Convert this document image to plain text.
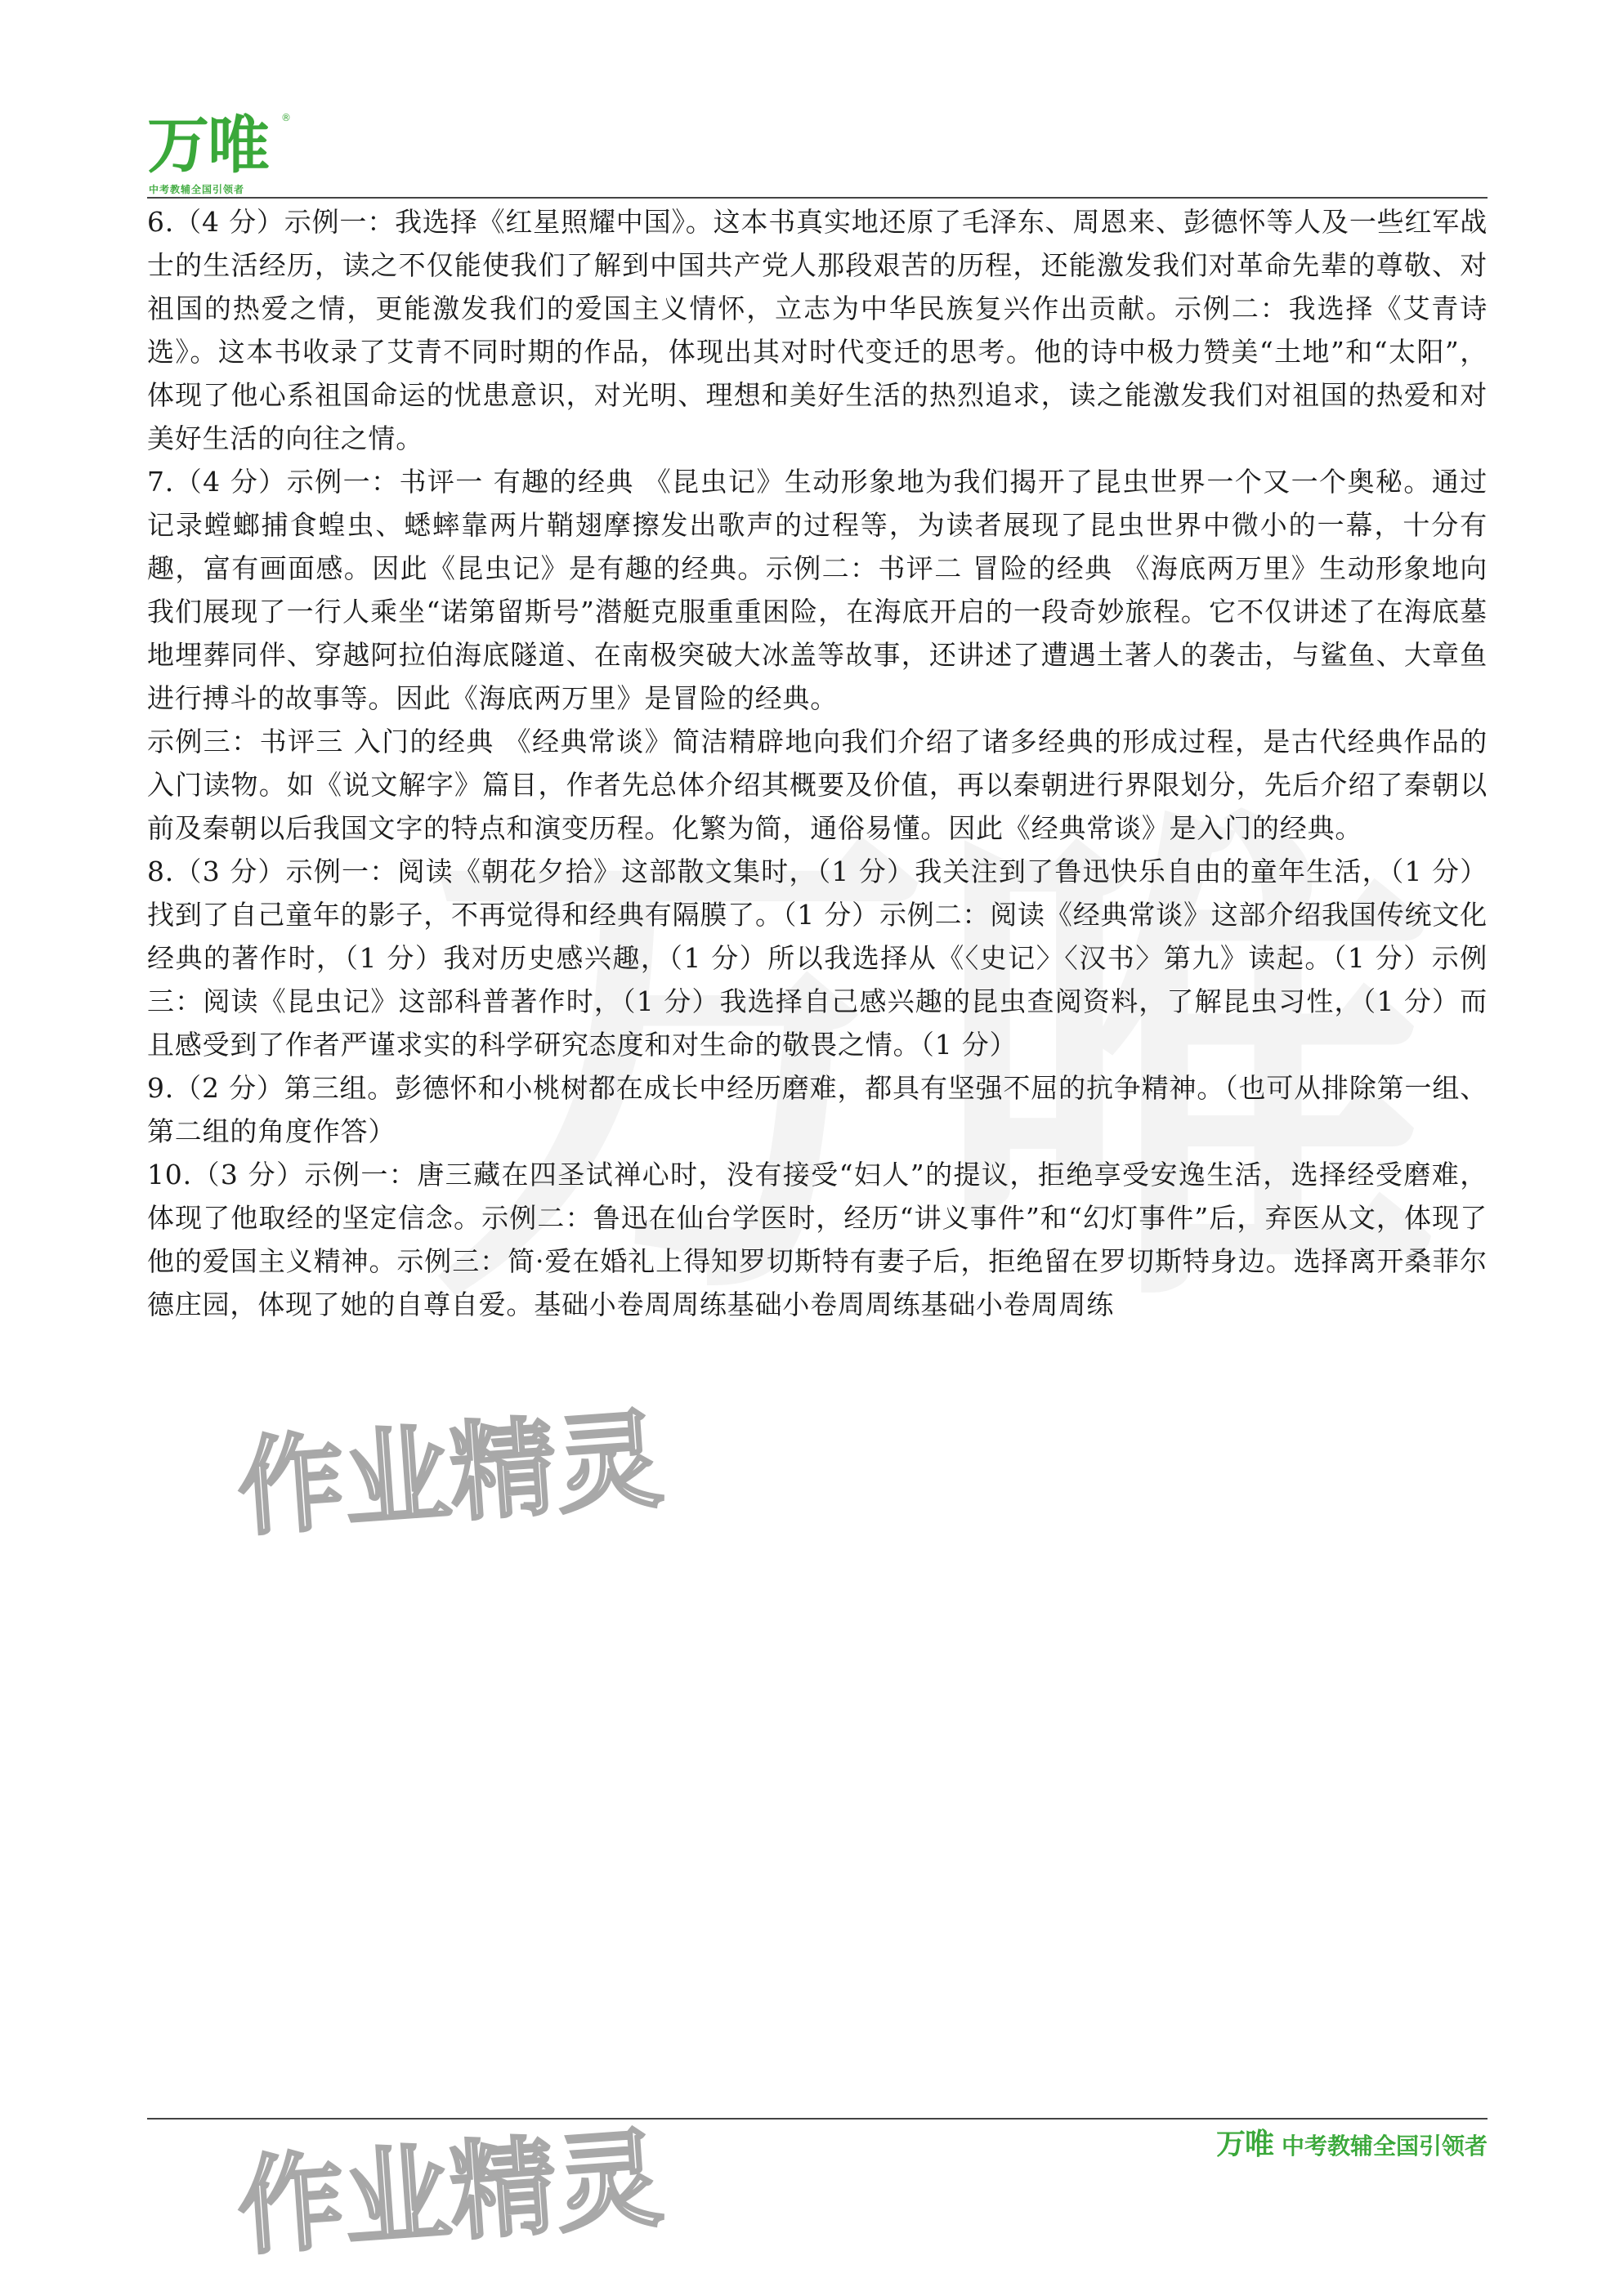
万唯 ®
中考教辅全国引领者

6.（4 分）示例一：我选择《红星照耀中国》。这本书真实地还原了毛泽东、周恩来、彭德怀等人及一些红军战士的生活经历，读之不仅能使我们了解到中国共产党人那段艰苦的历程，还能激发我们对革命先辈的尊敬、对祖国的热爱之情，更能激发我们的爱国主义情怀，立志为中华民族复兴作出贡献。示例二：我选择《艾青诗选》。这本书收录了艾青不同时期的作品，体现出其对时代变迁的思考。他的诗中极力赞美“土地”和“太阳”，体现了他心系祖国命运的忧患意识，对光明、理想和美好生活的热烈追求，读之能激发我们对祖国的热爱和对美好生活的向往之情。

7.（4 分）示例一：书评一 有趣的经典 《昆虫记》生动形象地为我们揭开了昆虫世界一个又一个奥秘。通过记录螳螂捕食蝗虫、蟋蟀靠两片鞘翅摩擦发出歌声的过程等，为读者展现了昆虫世界中微小的一幕，十分有趣，富有画面感。因此《昆虫记》是有趣的经典。示例二：书评二 冒险的经典 《海底两万里》生动形象地向我们展现了一行人乘坐“诺第留斯号”潜艇克服重重困险，在海底开启的一段奇妙旅程。它不仅讲述了在海底墓地埋葬同伴、穿越阿拉伯海底隧道、在南极突破大冰盖等故事，还讲述了遭遇土著人的袭击，与鲨鱼、大章鱼进行搏斗的故事等。因此《海底两万里》是冒险的经典。

示例三：书评三 入门的经典 《经典常谈》简洁精辟地向我们介绍了诸多经典的形成过程，是古代经典作品的入门读物。如《说文解字》篇目，作者先总体介绍其概要及价值，再以秦朝进行界限划分，先后介绍了秦朝以前及秦朝以后我国文字的特点和演变历程。化繁为简，通俗易懂。因此《经典常谈》是入门的经典。

8.（3 分）示例一：阅读《朝花夕拾》这部散文集时，（1 分）我关注到了鲁迅快乐自由的童年生活，（1 分）找到了自己童年的影子，不再觉得和经典有隔膜了。（1 分）示例二：阅读《经典常谈》这部介绍我国传统文化经典的著作时，（1 分）我对历史感兴趣，（1 分）所以我选择从《〈史记〉〈汉书〉第九》读起。（1 分）示例三：阅读《昆虫记》这部科普著作时，（1 分）我选择自己感兴趣的昆虫查阅资料，了解昆虫习性，（1 分）而且感受到了作者严谨求实的科学研究态度和对生命的敬畏之情。（1 分）

9.（2 分）第三组。彭德怀和小桃树都在成长中经历磨难，都具有坚强不屈的抗争精神。（也可从排除第一组、第二组的角度作答）

10.（3 分）示例一：唐三藏在四圣试禅心时，没有接受“妇人”的提议，拒绝享受安逸生活，选择经受磨难，体现了他取经的坚定信念。示例二：鲁迅在仙台学医时，经历“讲义事件”和“幻灯事件”后，弃医从文，体现了他的爱国主义精神。示例三：简·爱在婚礼上得知罗切斯特有妻子后，拒绝留在罗切斯特身边。选择离开桑菲尔德庄园，体现了她的自尊自爱。基础小卷周周练基础小卷周周练基础小卷周周练

作业精灵
万唯 中考教辅全国引领者
作业精灵
